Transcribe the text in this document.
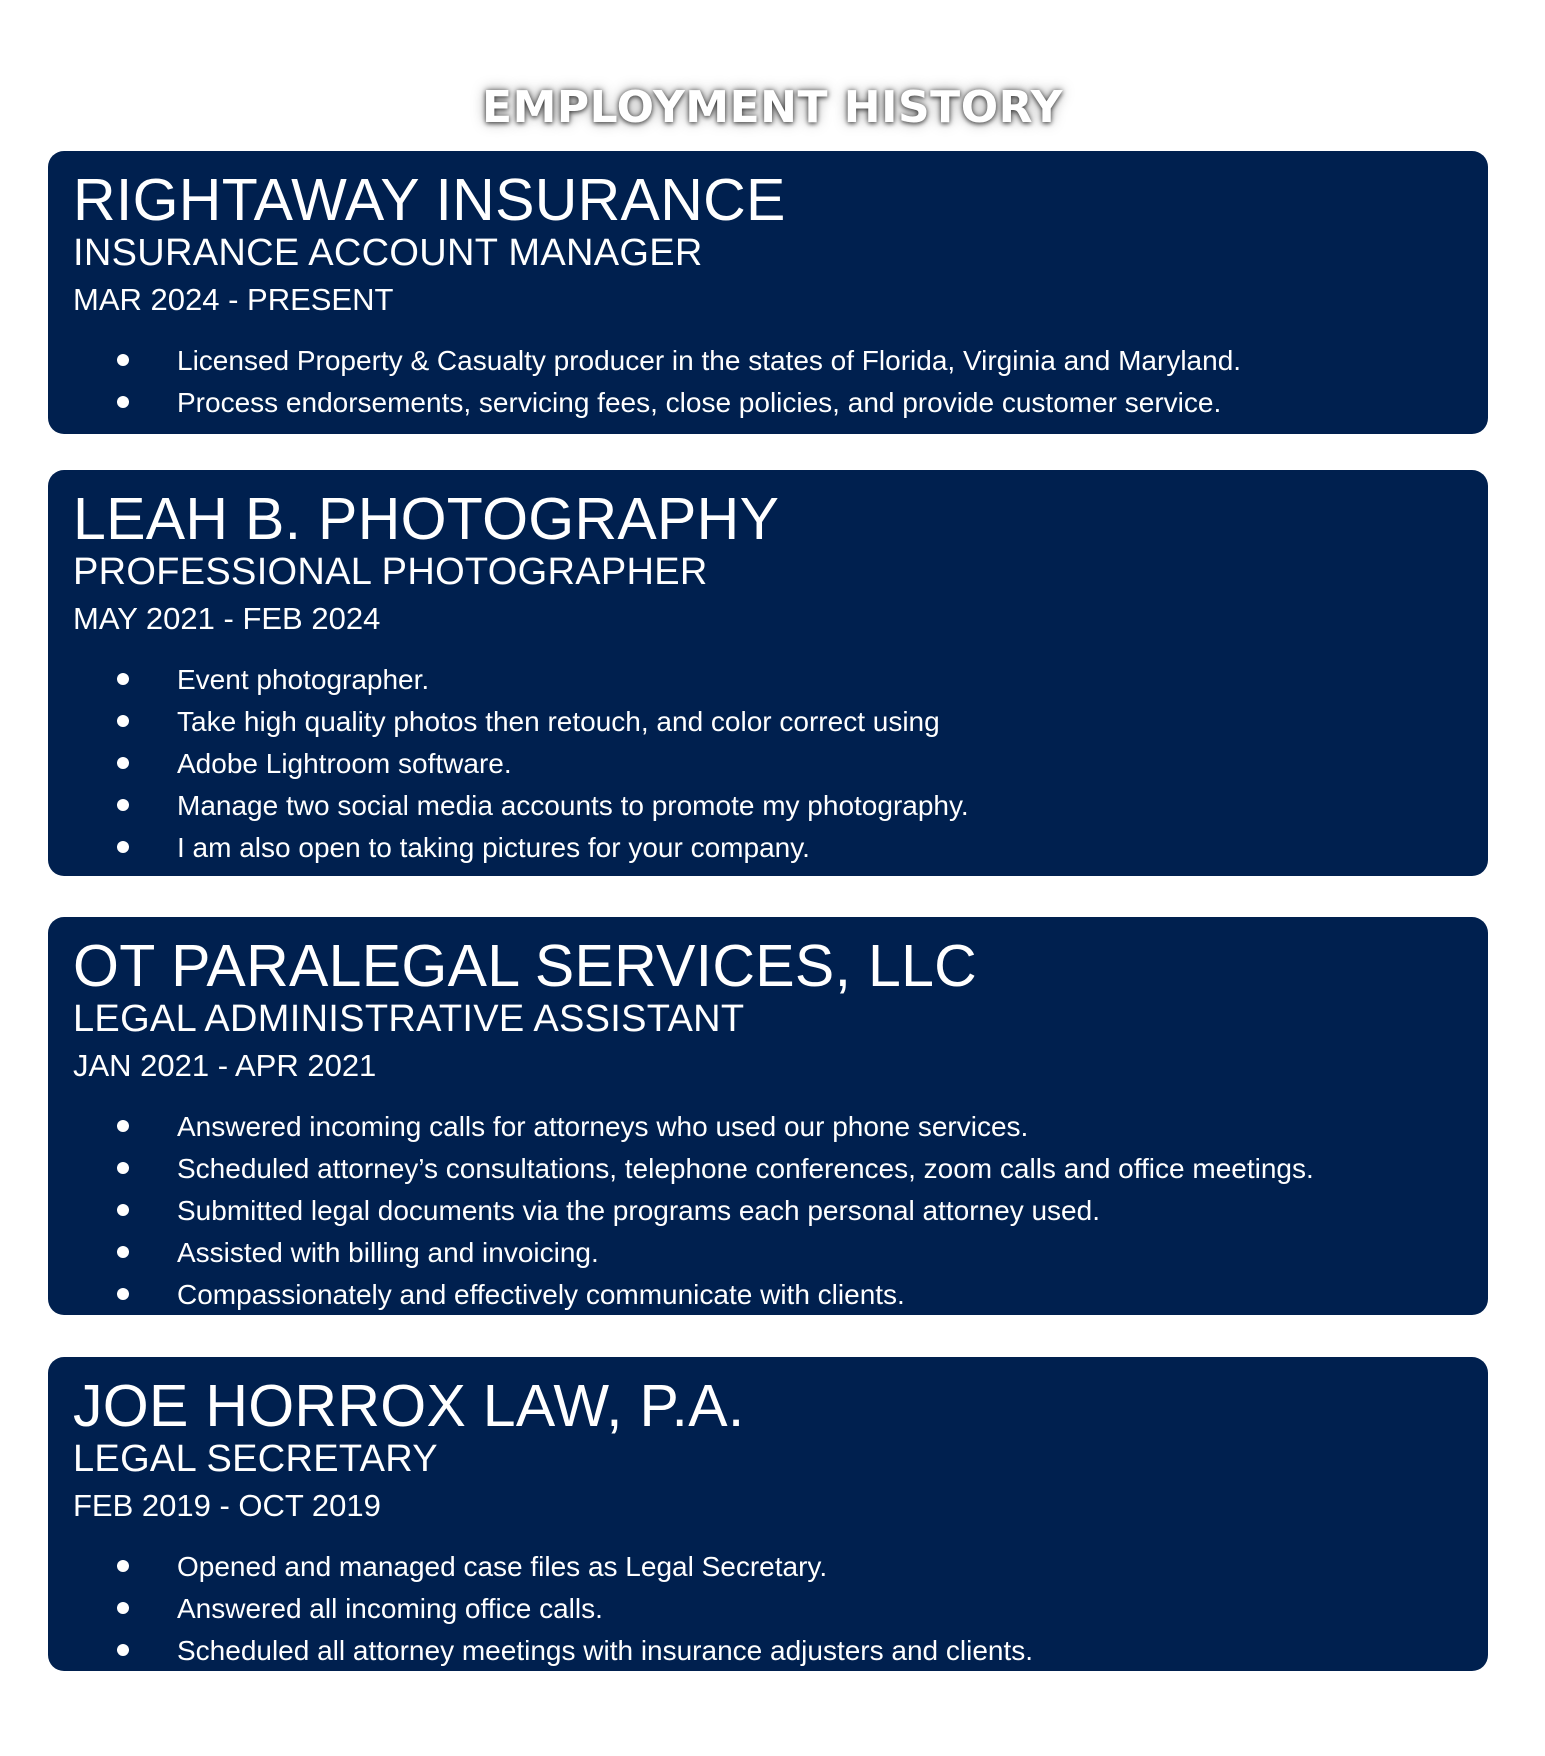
EMPLOYMENT HISTORY
RIGHTAWAY INSURANCE
INSURANCE ACCOUNT MANAGER
MAR 2024 - PRESENT
Licensed Property & Casualty producer in the states of Florida, Virginia and Maryland.
Process endorsements, servicing fees, close policies, and provide customer service.
LEAH B. PHOTOGRAPHY
PROFESSIONAL PHOTOGRAPHER
MAY 2021 - FEB 2024
Event photographer.
Take high quality photos then retouch, and color correct using
Adobe Lightroom software.
Manage two social media accounts to promote my photography.
I am also open to taking pictures for your company.
OT PARALEGAL SERVICES, LLC
LEGAL ADMINISTRATIVE ASSISTANT
JAN 2021 - APR 2021
Answered incoming calls for attorneys who used our phone services.
Scheduled attorney’s consultations, telephone conferences, zoom calls and office meetings.
Submitted legal documents via the programs each personal attorney used.
Assisted with billing and invoicing.
Compassionately and effectively communicate with clients.
JOE HORROX LAW, P.A.
LEGAL SECRETARY
FEB 2019 - OCT 2019
Opened and managed case files as Legal Secretary.
Answered all incoming office calls.
Scheduled all attorney meetings with insurance adjusters and clients.
